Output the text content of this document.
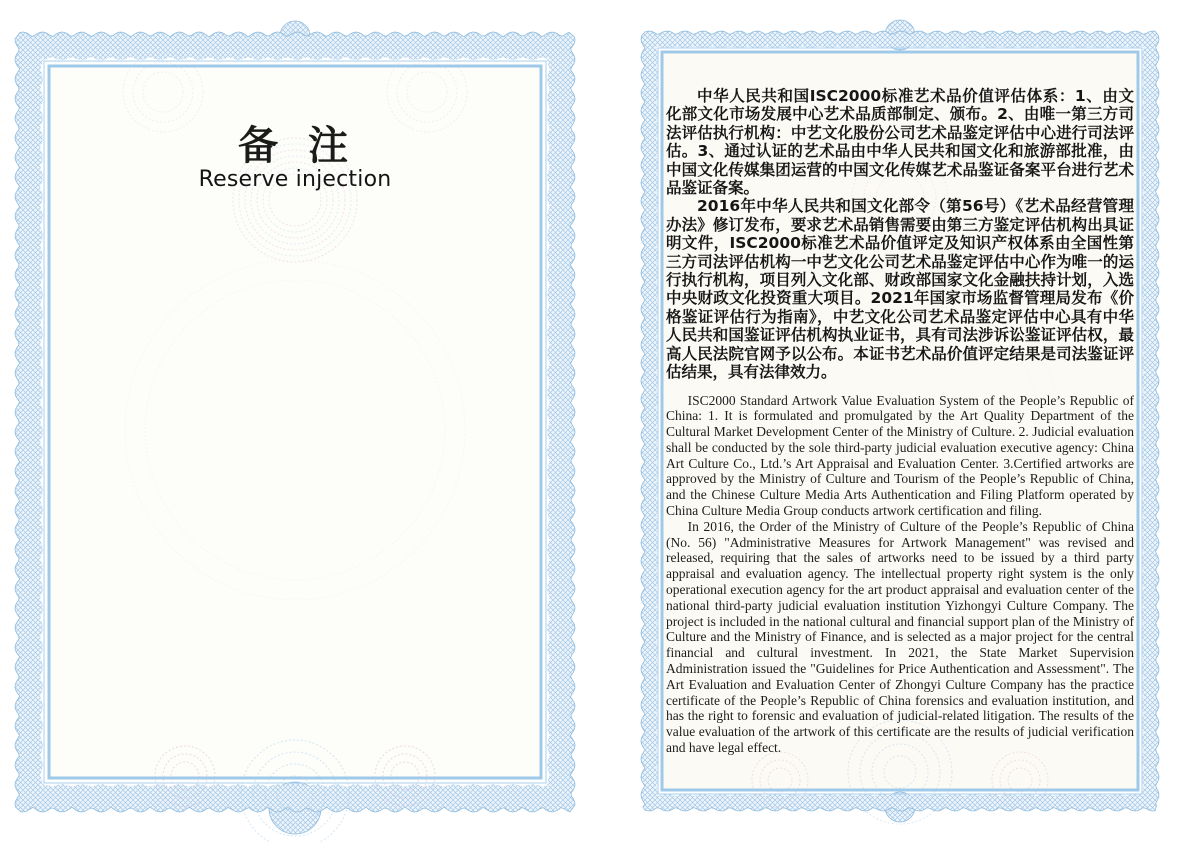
备 注
Reserve injection

中华人民共和国ISC2000标准艺术品价值评估体系：1、由文化部文化市场发展中心艺术品质部制定、颁布。2、由唯一第三方司法评估执行机构：中艺文化股份公司艺术品鉴定评估中心进行司法评估。3、通过认证的艺术品由中华人民共和国文化和旅游部批准，由中国文化传媒集团运营的中国文化传媒艺术品鉴证备案平台进行艺术品鉴证备案。

2016年中华人民共和国文化部令（第56号）《艺术品经营管理办法》修订发布，要求艺术品销售需要由第三方鉴定评估机构出具证明文件，ISC2000标准艺术品价值评定及知识产权体系由全国性第三方司法评估机构一中艺文化公司艺术品鉴定评估中心作为唯一的运行执行机构，项目列入文化部、财政部国家文化金融扶持计划，入选中央财政文化投资重大项目。2021年国家市场监督管理局发布《价格鉴证评估行为指南》，中艺文化公司艺术品鉴定评估中心具有中华人民共和国鉴证评估机构执业证书，具有司法涉诉讼鉴证评估权，最高人民法院官网予以公布。本证书艺术品价值评定结果是司法鉴证评估结果，具有法律效力。

ISC2000 Standard Artwork Value Evaluation System of the People’s Republic of China: 1. It is formulated and promulgated by the Art Quality Department of the Cultural Market Development Center of the Ministry of Culture. 2. Judicial evaluation shall be conducted by the sole third-party judicial evaluation executive agency: China Art Culture Co., Ltd.’s Art Appraisal and Evaluation Center. 3.Certified artworks are approved by the Ministry of Culture and Tourism of the People’s Republic of China, and the Chinese Culture Media Arts Authentication and Filing Platform operated by China Culture Media Group conducts artwork certification and filing.

In 2016, the Order of the Ministry of Culture of the People’s Republic of China (No. 56) "Administrative Measures for Artwork Management" was revised and released, requiring that the sales of artworks need to be issued by a third party appraisal and evaluation agency. The intellectual property right system is the only operational execution agency for the art product appraisal and evaluation center of the national third-party judicial evaluation institution Yizhongyi Culture Company. The project is included in the national cultural and financial support plan of the Ministry of Culture and the Ministry of Finance, and is selected as a major project for the central financial and cultural investment. In 2021, the State Market Supervision Administration issued the "Guidelines for Price Authentication and Assessment". The Art Evaluation and Evaluation Center of Zhongyi Culture Company has the practice certificate of the People’s Republic of China forensics and evaluation institution, and has the right to forensic and evaluation of judicial-related litigation. The results of the value evaluation of the artwork of this certificate are the results of judicial verification and have legal effect.
